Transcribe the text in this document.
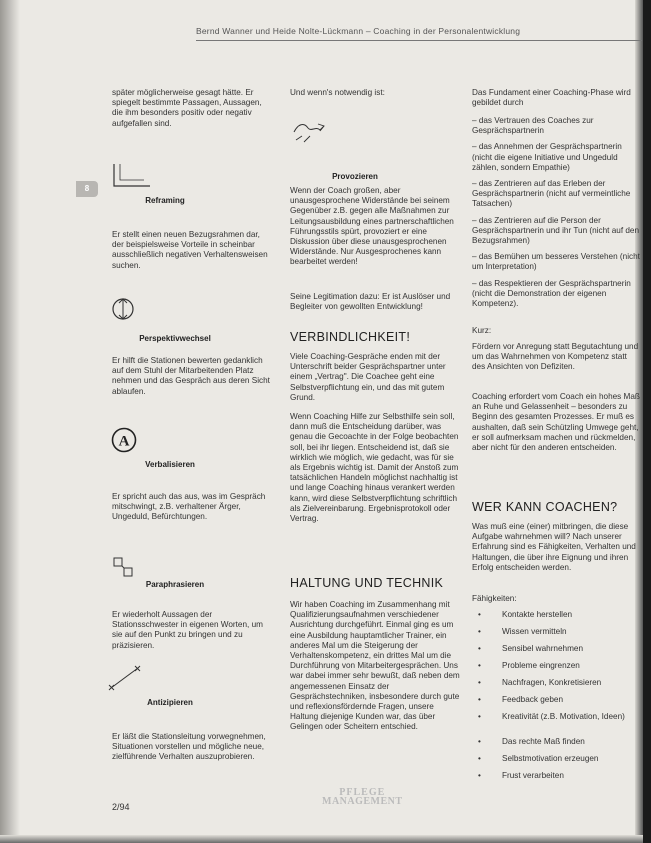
Bernd Wanner und Heide Nolte-Lückmann – Coaching in der Personalentwicklung
8
später möglicherweise gesagt hätte. Er spiegelt bestimmte Passagen, Aussagen, die ihm besonders positiv oder negativ aufgefallen sind.
Reframing
Er stellt einen neuen Bezugsrahmen dar, der beispielsweise Vorteile in scheinbar ausschließlich negativen Verhaltensweisen suchen.
Perspektivwechsel
Er hilft die Stationen bewerten gedanklich auf dem Stuhl der Mitarbeitenden Platz nehmen und das Gespräch aus deren Sicht ablaufen.
A
Verbalisieren
Er spricht auch das aus, was im Gespräch mitschwingt, z.B. verhaltener Ärger, Ungeduld, Befürchtungen.
Paraphrasieren
Er wiederholt Aussagen der Stationsschwester in eigenen Worten, um sie auf den Punkt zu bringen und zu präzisieren.
Antizipieren
Er läßt die Stationsleitung vorwegnehmen, Situationen vorstellen und mögliche neue, zielführende Verhalten auszuprobieren.
Und wenn's notwendig ist:
Provozieren
Wenn der Coach großen, aber unausgesprochene Widerstände bei seinem Gegenüber z.B. gegen alle Maßnahmen zur Leitungsausbildung eines partnerschaftlichen Führungsstils spürt, provoziert er eine Diskussion über diese unausgesprochenen Widerstände. Nur Ausgesprochenes kann bearbeitet werden!
Seine Legitimation dazu: Er ist Auslöser und Begleiter von gewollten Entwicklung!
VERBINDLICHKEIT!
Viele Coaching-Gespräche enden mit der Unterschrift beider Gesprächspartner unter einem „Vertrag". Die Coachee geht eine Selbstverpflichtung ein, und das mit gutem Grund.
Wenn Coaching Hilfe zur Selbsthilfe sein soll, dann muß die Entscheidung darüber, was genau die Gecoachte in der Folge beobachten soll, bei ihr liegen. Entscheidend ist, daß sie wirklich wie möglich, wie gedacht, was für sie als Ergebnis wichtig ist. Damit der Anstoß zum tatsächlichen Handeln möglichst nachhaltig ist und lange Coaching hinaus verankert werden kann, wird diese Selbstverpflichtung schriftlich als Zielvereinbarung. Ergebnisprotokoll oder Vertrag.
HALTUNG UND TECHNIK
Wir haben Coaching im Zusammenhang mit Qualifizierungsaufnahmen verschiedener Ausrichtung durchgeführt. Einmal ging es um eine Ausbildung hauptamtlicher Trainer, ein anderes Mal um die Steigerung der Verhaltenskompetenz, ein drittes Mal um die Durchführung von Mitarbeitergesprächen. Uns war dabei immer sehr bewußt, daß neben dem angemessenen Einsatz der Gesprächstechniken, insbesondere durch gute und reflexionsfördernde Fragen, unsere Haltung diejenige Kunden war, das über Gelingen oder Scheitern entschied.
Das Fundament einer Coaching-Phase wird gebildet durch

– das Vertrauen des Coaches zur Gesprächspartnerin

– das Annehmen der Gesprächspartnerin (nicht die eigene Initiative und Ungeduld zählen, sondern Empathie)

– das Zentrieren auf das Erleben der Gesprächspartnerin (nicht auf vermeintliche Tatsachen)

– das Zentrieren auf die Person der Gesprächspartnerin und ihr Tun (nicht auf den Bezugsrahmen)

– das Bemühen um besseres Verstehen (nicht um Interpretation)

– das Respektieren der Gesprächspartnerin (nicht die Demonstration der eigenen Kompetenz).

Kurz:
Fördern vor Anregung statt Begutachtung und um das Wahrnehmen von Kompetenz statt des Ansichten von Defiziten.
Coaching erfordert vom Coach ein hohes Maß an Ruhe und Gelassenheit – besonders zu Beginn des gesamten Prozesses. Er muß es aushalten, daß sein Schützling Umwege geht, er soll aufmerksam machen und rückmelden, aber nicht für den anderen entscheiden.
WER KANN COACHEN?
Was muß eine (einer) mitbringen, die diese Aufgabe wahrnehmen will? Nach unserer Erfahrung sind es Fähigkeiten, Verhalten und Haltungen, die über ihre Eignung und ihren Erfolg entscheiden werden.
Fähigkeiten:
•	Kontakte herstellen
•	Wissen vermitteln
•	Sensibel wahrnehmen
•	Probleme eingrenzen
•	Nachfragen, Konkretisieren
•	Feedback geben
•	Kreativität (z.B. Motivation, Ideen)
•	Das rechte Maß finden
•	Selbstmotivation erzeugen
•	Frust verarbeiten
2/94
PFLEGE
MANAGEMENT
